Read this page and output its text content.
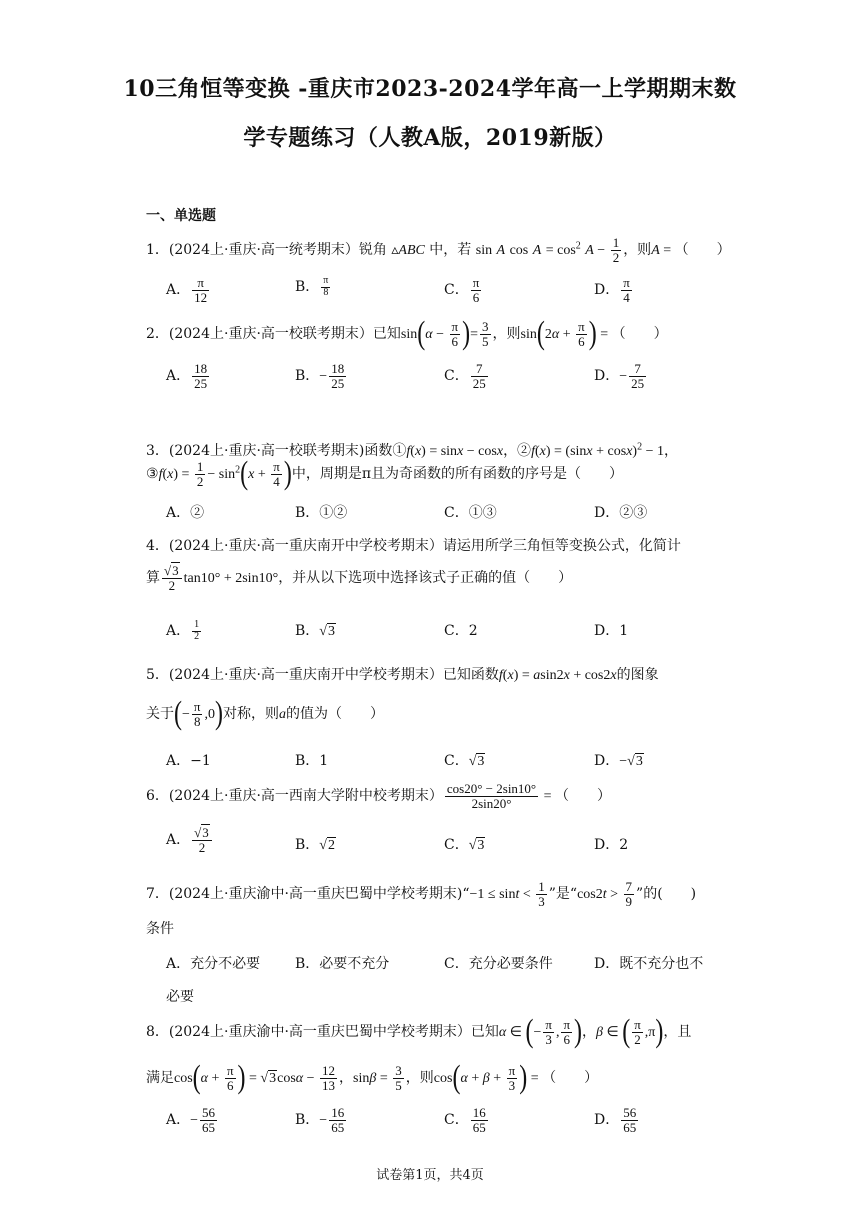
10三角恒等变换 -重庆市2023-2024学年高一上学期期末数
学专题练习（人教A版，2019新版）
一、单选题
1．(2024上·重庆·高一统考期末）锐角 ▵ABC 中，若 sin A $\cos A = \cos^2 A - \frac{1}{2}$ ，则A = （　　）
A． $\frac{\pi}{12}$	B． $\frac{\pi}{8}$	C． $\frac{\pi}{6}$	D． $\frac{\pi}{4}$
2．(2024上·重庆·高一校联考期末）已知$\sin(\alpha - \frac{\pi}{6}$ )= $\frac{3}{5}$ ，则$\sin(2\alpha + \frac{\pi}{6}$ ) = （　　）
A． $\frac{18}{25}$	B．− $\frac{18}{25}$	C． $\frac{7}{25}$	D．− $\frac{7}{25}$
3．(2024上·重庆·高一校联考期末)函数①f(x) = sinx − cosx，②f(x) = $(\sin x + \cos x)^2 - 1$，
③f(x) = $\frac{1}{2} - \sin^2(x + \frac{\pi}{4}$ )中，周期是π且为奇函数的所有函数的序号是（　　）
A．②	B．①②	C．①③	D．②③
4．(2024上·重庆·高一重庆南开中学校考期末）请运用所学三角恒等变换公式，化简计
算 $\frac{√3}{2} \tan 10^\circ + 2\sin 10^\circ$，并从以下选项中选择该式子正确的值（　　）
A． $\frac{1}{2}$	B．√3	C．2	D．1
5．(2024上·重庆·高一重庆南开中学校考期末）已知函数f(x) = asin2x + cos2x的图象
关于(− $\frac{\pi}{8} ,0$)对称，则a的值为（　　）
A．−1	B．1	C．√3	D．−√3
6．(2024上·重庆·高一西南大学附中校考期末） $\frac{\cos 20^\circ - 2\sin 10^\circ}{2\sin 20^\circ}$ = （　　）
A． $\frac{√3}{2}$	B．√2	C．√3	D．2
7．(2024上·重庆渝中·高一重庆巴蜀中学校考期末)“−1 ≤ $\sin t < \frac{1}{3}$ ”是“$\cos 2t > \frac{7}{9}$ ”的(　　)
条件
A．充分不必要 B．必要不充分	C．充分必要条件	D．既不充分也不
必要
8．(2024上·重庆渝中·高一重庆巴蜀中学校考期末）已知α ∈ (− $\frac{\pi}{3}$ , $\frac{\pi}{6}$ )，β ∈ ( $\frac{\pi}{2} ,\pi$)，且
满足$\cos(\alpha + \frac{\pi}{6}$ ) = $√3\cos\alpha - \frac{12}{13}$ ，$\sin\beta = \frac{3}{5}$ ，则$\cos(\alpha + \beta + \frac{\pi}{3}$ ) = （　　）
A．− $\frac{56}{65}$	B．− $\frac{16}{65}$	C． $\frac{16}{65}$	D． $\frac{56}{65}$
试卷第1页，共4页
